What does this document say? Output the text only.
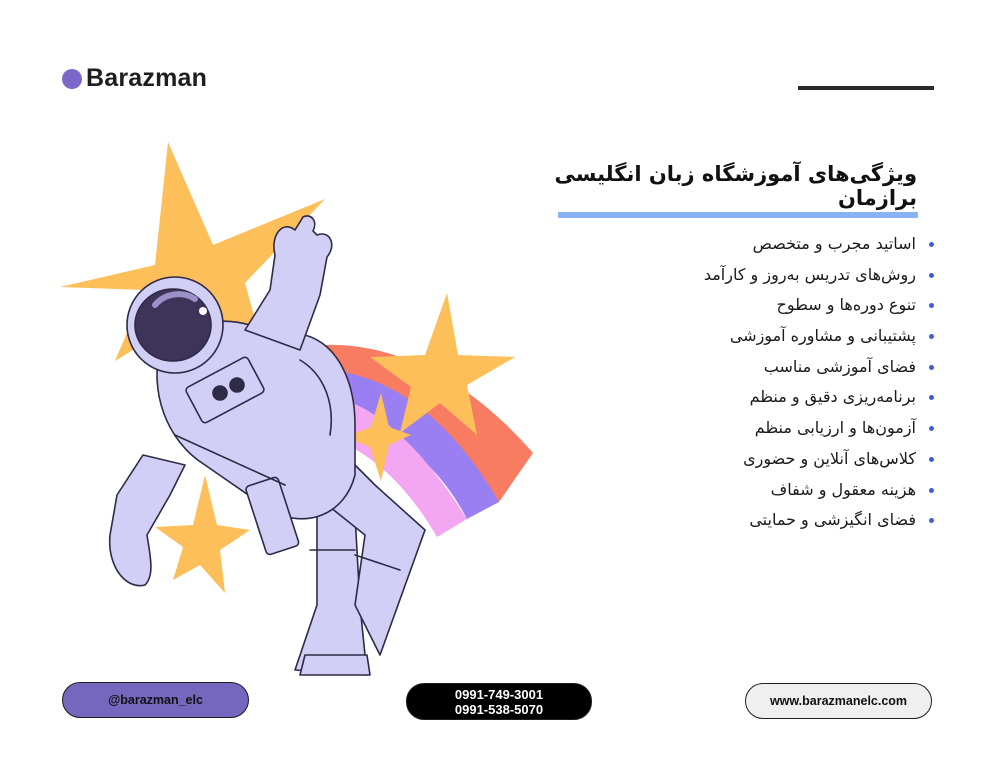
Barazman
ویژگی‌های آموزشگاه زبان انگلیسی برازمان
اساتید مجرب و متخصص
روش‌های تدریس به‌روز و کارآمد
تنوع دوره‌ها و سطوح
پشتیبانی و مشاوره آموزشی
فضای آموزشی مناسب
برنامه‌ریزی دقیق و منظم
آزمون‌ها و ارزیابی منظم
کلاس‌های آنلاین و حضوری
هزینه معقول و شفاف
فضای انگیزشی و حمایتی
@barazman_elc	0991-749-3001
0991-538-5070
www.barazmanelc.com
